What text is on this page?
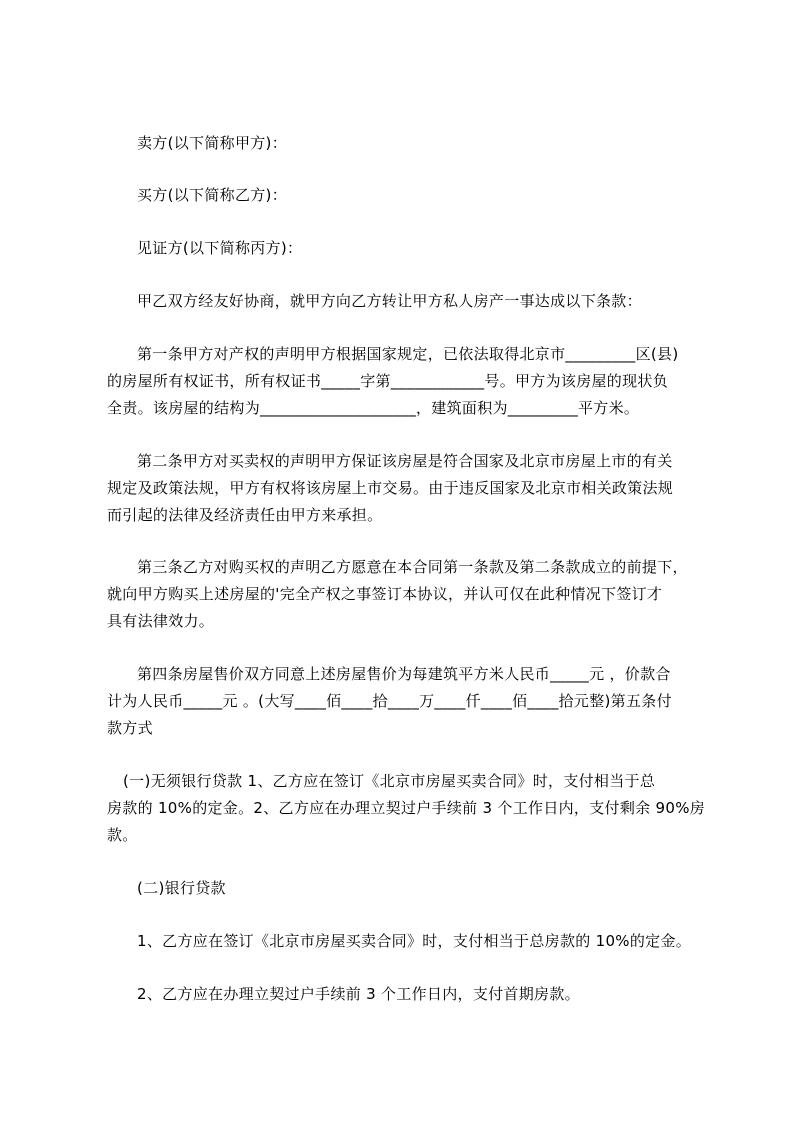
卖方(以下简称甲方)：
买方(以下简称乙方)：
见证方(以下简称丙方)：
甲乙双方经友好协商，就甲方向乙方转让甲方私人房产一事达成以下条款：
第一条甲方对产权的声明甲方根据国家规定，已依法取得北京市_________区(县)
的房屋所有权证书，所有权证书_____字第____________号。甲方为该房屋的现状负
全责。该房屋的结构为____________________，建筑面积为_________平方米。
第二条甲方对买卖权的声明甲方保证该房屋是符合国家及北京市房屋上市的有关
规定及政策法规，甲方有权将该房屋上市交易。由于违反国家及北京市相关政策法规
而引起的法律及经济责任由甲方来承担。
第三条乙方对购买权的声明乙方愿意在本合同第一条款及第二条款成立的前提下，
就向甲方购买上述房屋的'完全产权之事签订本协议，并认可仅在此种情况下签订才
具有法律效力。
第四条房屋售价双方同意上述房屋售价为每建筑平方米人民币_____元 ，价款合
计为人民币_____元 。(大写____佰____拾____万____仟____佰____拾元整)第五条付
款方式
(一)无须银行贷款 1、乙方应在签订《北京市房屋买卖合同》时，支付相当于总
房款的 10%的定金。2、乙方应在办理立契过户手续前 3 个工作日内，支付剩余 90%房
款。
(二)银行贷款
1、乙方应在签订《北京市房屋买卖合同》时，支付相当于总房款的 10%的定金。
2、乙方应在办理立契过户手续前 3 个工作日内，支付首期房款。
